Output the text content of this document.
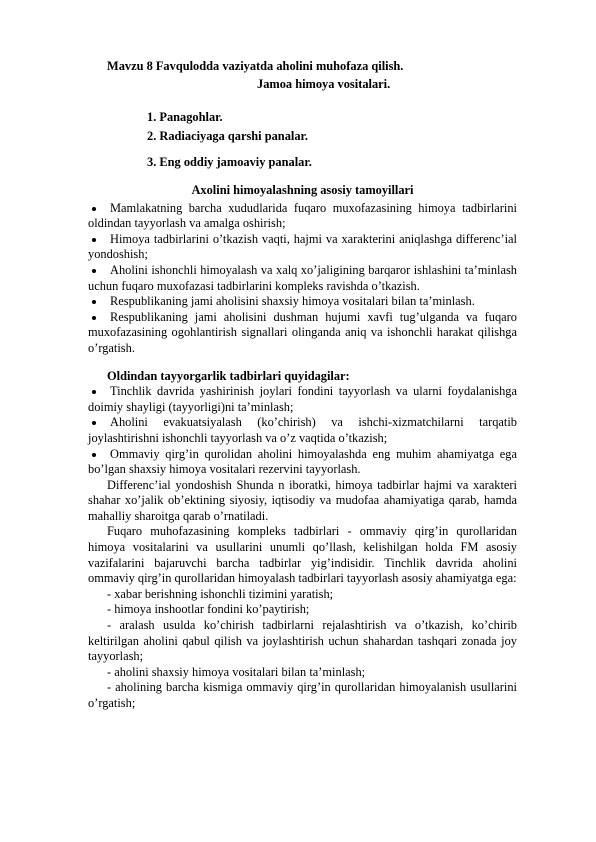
Mavzu 8 Favqulodda vaziyatda aholini muhofaza qilish.
Jamoa himoya vositalari.
1. Panagohlar.
2. Radiaciyaga qarshi panalar.
3. Eng oddiy jamoaviy panalar.
Axolini himoyalashning asosiy tamoyillari

Mamlakatning barcha xududlarida fuqaro muxofazasining himoya tadbirlarini oldindan tayyorlash va amalga oshirish;

Himoya tadbirlarini o’tkazish vaqti, hajmi va xarakterini aniqlashga differenc’ial yondoshish;

Aholini ishonchli himoyalash va xalq xo’jaligining barqaror ishlashini ta’minlash uchun fuqaro muxofazasi tadbirlarini kompleks ravishda o’tkazish.

Respublikaning jami aholisini shaxsiy himoya vositalari bilan ta’minlash.

Respublikaning jami aholisini dushman hujumi xavfi tug’ulganda va fuqaro muxofazasining ogohlantirish signallari olinganda aniq va ishonchli harakat qilishga o’rgatish.

Oldindan tayyorgarlik tadbirlari quyidagilar:

Tinchlik davrida yashirinish joylari fondini tayyorlash va ularni foydalanishga doimiy shayligi (tayyorligi)ni ta’minlash;

Aholini evakuatsiyalash (ko’chirish) va ishchi-xizmatchilarni tarqatib joylashtirishni ishonchli tayyorlash va o’z vaqtida o’tkazish;

Ommaviy qirg’in qurolidan aholini himoyalashda eng muhim ahamiyatga ega bo’lgan shaxsiy himoya vositalari rezervini tayyorlash.

Differenc’ial yondoshish Shunda n iboratki, himoya tadbirlar hajmi va xarakteri shahar xo’jalik ob’ektining siyosiy, iqtisodiy va mudofaa ahamiyatiga qarab, hamda mahalliy sharoitga qarab o’rnatiladi.

Fuqaro muhofazasining kompleks tadbirlari - ommaviy qirg’in qurollaridan himoya vositalarini va usullarini unumli qo’llash, kelishilgan holda FM asosiy vazifalarini bajaruvchi barcha tadbirlar yig’indisidir. Tinchlik davrida aholini ommaviy qirg’in qurollaridan himoyalash tadbirlari tayyorlash asosiy ahamiyatga ega:

- xabar berishning ishonchli tizimini yaratish;

- himoya inshootlar fondini ko’paytirish;

- aralash usulda ko’chirish tadbirlarni rejalashtirish va o’tkazish, ko’chirib keltirilgan aholini qabul qilish va joylashtirish uchun shahardan tashqari zonada joy tayyorlash;

- aholini shaxsiy himoya vositalari bilan ta’minlash;

- aholining barcha kismiga ommaviy qirg’in qurollaridan himoyalanish usullarini o’rgatish;
